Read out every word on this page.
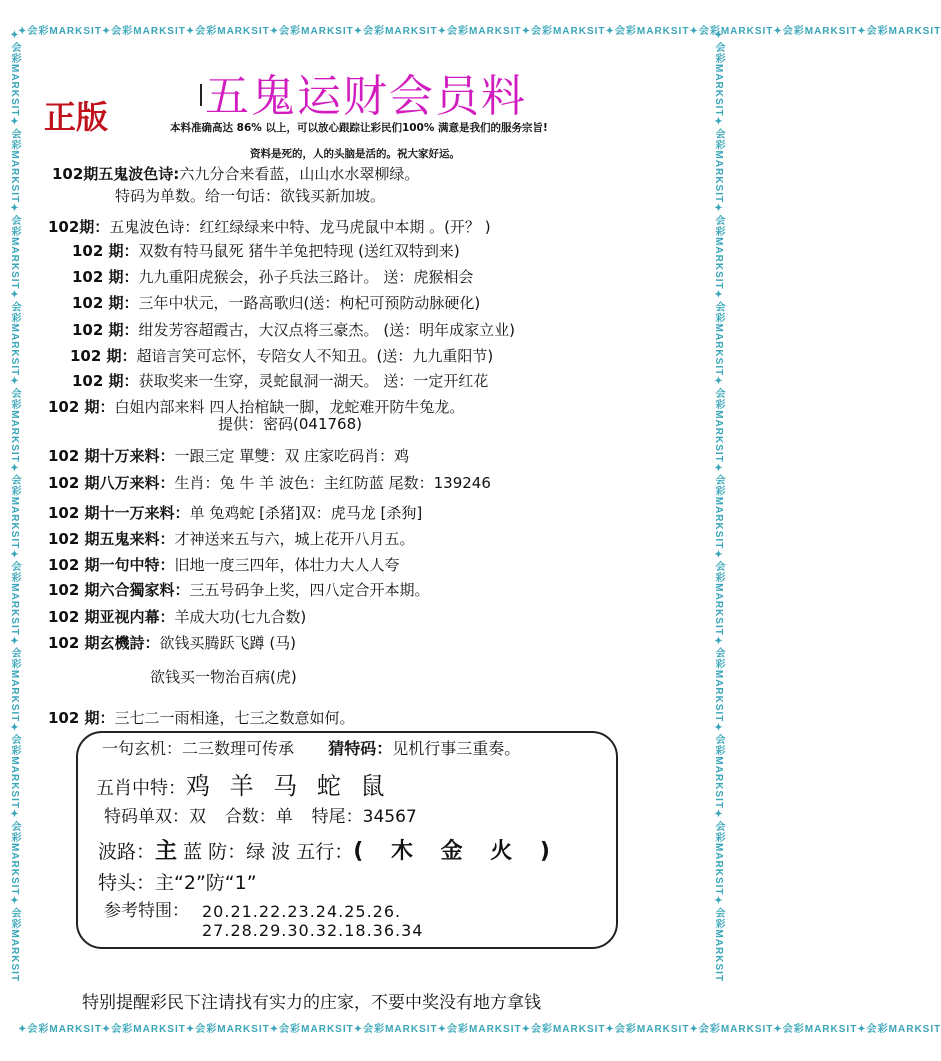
✦会彩MARKSIT✦会彩MARKSIT✦会彩MARKSIT✦会彩MARKSIT✦会彩MARKSIT✦会彩MARKSIT✦会彩MARKSIT✦会彩MARKSIT✦会彩MARKSIT✦会彩MARKSIT✦会彩MARKSIT
✦会彩MARKSIT✦会彩MARKSIT✦会彩MARKSIT✦会彩MARKSIT✦会彩MARKSIT✦会彩MARKSIT✦会彩MARKSIT✦会彩MARKSIT✦会彩MARKSIT✦会彩MARKSIT✦会彩MARKSIT
✦会彩MARKSIT✦会彩MARKSIT✦会彩MARKSIT✦会彩MARKSIT✦会彩MARKSIT✦会彩MARKSIT✦会彩MARKSIT✦会彩MARKSIT✦会彩MARKSIT✦会彩MARKSIT✦会彩MARKSIT	✦会彩MARKSIT✦会彩MARKSIT✦会彩MARKSIT✦会彩MARKSIT✦会彩MARKSIT✦会彩MARKSIT✦会彩MARKSIT✦会彩MARKSIT✦会彩MARKSIT✦会彩MARKSIT✦会彩MARKSIT
五鬼运财会员料
正版	本料准确高达 86% 以上，可以放心跟踪让彩民们100% 满意是我们的服务宗旨!
资料是死的，人的头脑是活的。祝大家好运。
102期五鬼波色诗:六九分合来看蓝，山山水水翠柳绿。
特码为单数。给一句话：欲钱买新加坡。
102期：五鬼波色诗：红红绿绿来中特、龙马虎鼠中本期 。(开？ )
102 期：双数有特马鼠死 猪牛羊兔把特现 (送红双特到来)
102 期：九九重阳虎猴会，孙子兵法三路计。 送：虎猴相会
102 期：三年中状元，一路高歌归(送：枸杞可预防动脉硬化)
102 期：绀发芳容超霞古，大汉点将三豪杰。 (送：明年成家立业)
102 期：超谙言笑可忘怀，专陪女人不知丑。(送：九九重阳节)
102 期：获取奖来一生穿，灵蛇鼠洞一湖天。 送：一定开红花
102 期：白姐内部来料 四人抬棺缺一脚，龙蛇难开防牛兔龙。
提供：密码(041768)
102 期十万来料：一跟三定 單雙：双 庄家吃码肖：鸡
102 期八万来料：生肖：兔 牛 羊 波色：主红防蓝 尾数：139246
102 期十一万来料：单 兔鸡蛇 [杀猪]双：虎马龙 [杀狗]
102 期五鬼来料：才神送来五与六，城上花开八月五。
102 期一句中特：旧地一度三四年，体壮力大人人夸
102 期六合獨家料：三五号码争上奖，四八定合开本期。
102 期亚视内幕：羊成大功(七九合数)
102 期玄機詩：欲钱买腾跃飞蹲 (马)
欲钱买一物治百病(虎)
102 期：三七二一雨相逢，七三之数意如何。
一句玄机：二三数理可传承 猜特码：见机行事三重奏。
五肖中特：鸡 羊 马 蛇 鼠
特码单双：双 合数：单 特尾：34567
波路：主 蓝 防：绿 波 五行：( 木 金 火 )
特头：主“2”防“1”
参考特围： 20.21.22.23.24.25.26.
27.28.29.30.32.18.36.34
特别提醒彩民下注请找有实力的庄家，不要中奖没有地方拿钱
